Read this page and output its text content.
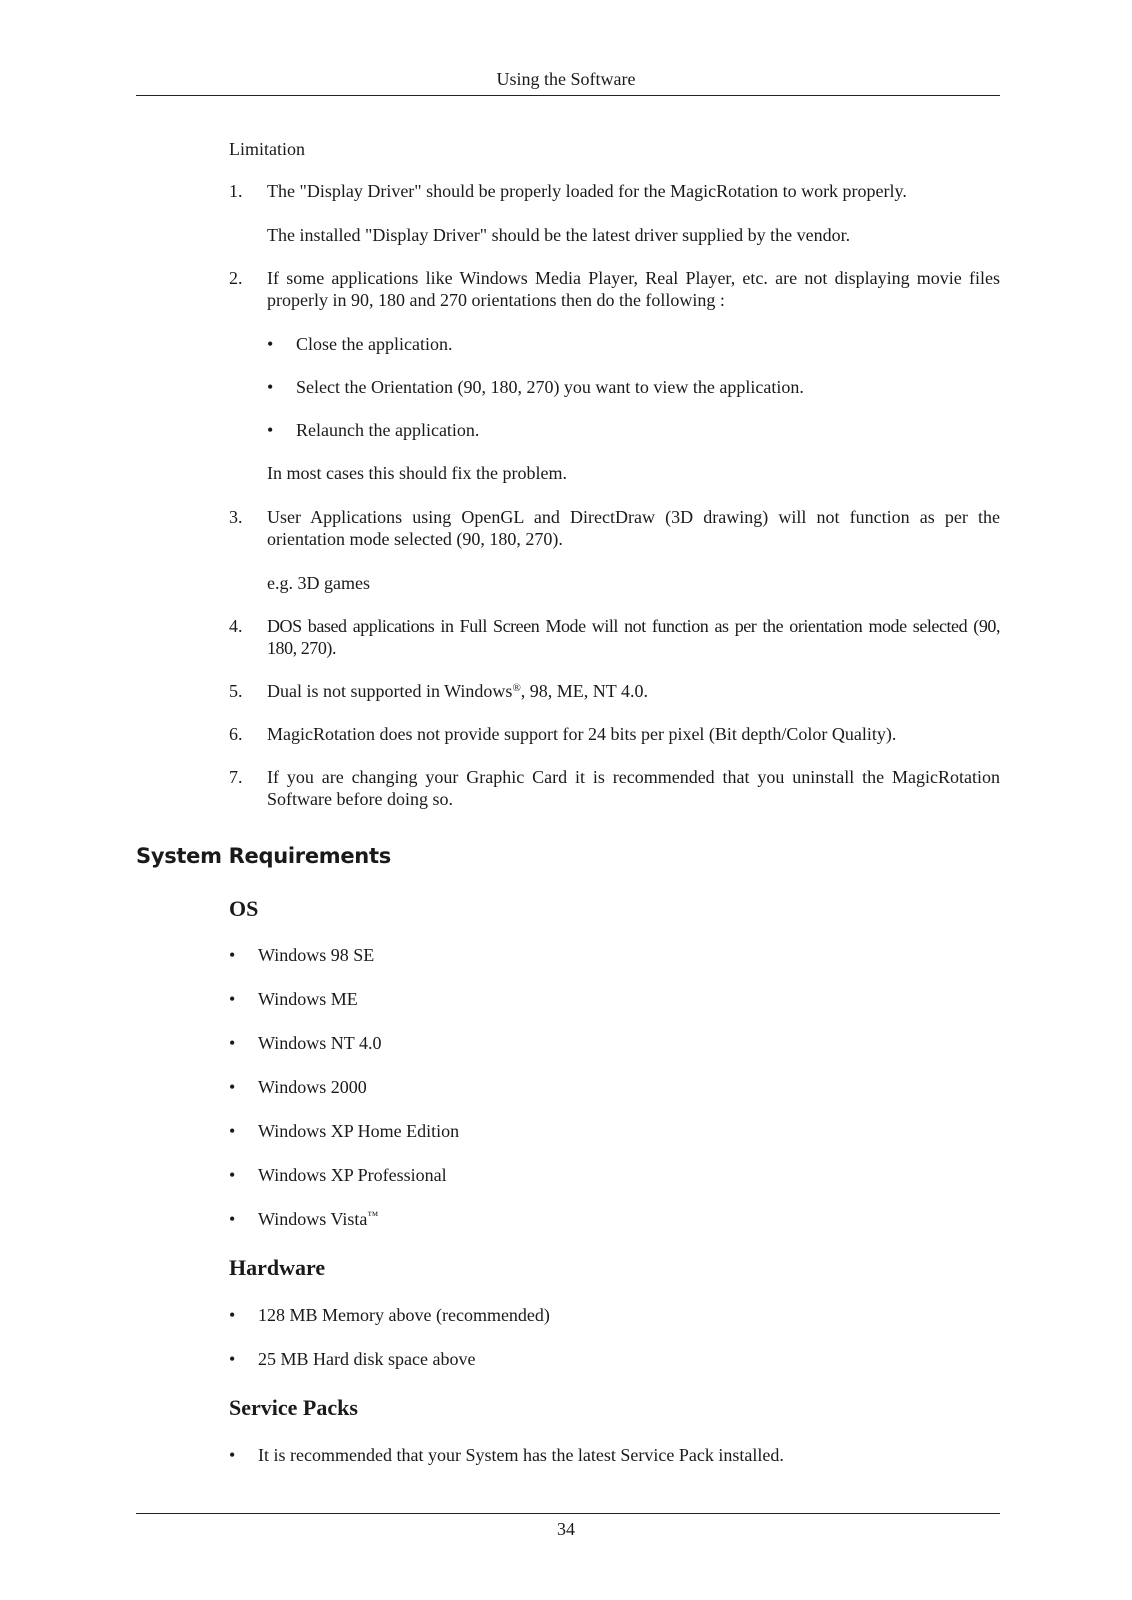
Using the Software
Limitation
1. The "Display Driver" should be properly loaded for the MagicRotation to work properly.
The installed "Display Driver" should be the latest driver supplied by the vendor.
2. If some applications like Windows Media Player, Real Player, etc. are not displaying movie files properly in 90, 180 and 270 orientations then do the following :
• Close the application.
• Select the Orientation (90, 180, 270) you want to view the application.
• Relaunch the application.
In most cases this should fix the problem.
3. User Applications using OpenGL and DirectDraw (3D drawing) will not function as per the orientation mode selected (90, 180, 270).
e.g. 3D games
4. DOS based applications in Full Screen Mode will not function as per the orientation mode selected (90, 180, 270).
5. Dual is not supported in Windows®, 98, ME, NT 4.0.
6. MagicRotation does not provide support for 24 bits per pixel (Bit depth/Color Quality).
7. If you are changing your Graphic Card it is recommended that you uninstall the MagicRotation Software before doing so.
System Requirements
OS
• Windows 98 SE
• Windows ME
• Windows NT 4.0
• Windows 2000
• Windows XP Home Edition
• Windows XP Professional
• Windows Vista™
Hardware
• 128 MB Memory above (recommended)
• 25 MB Hard disk space above
Service Packs
• It is recommended that your System has the latest Service Pack installed.
34
